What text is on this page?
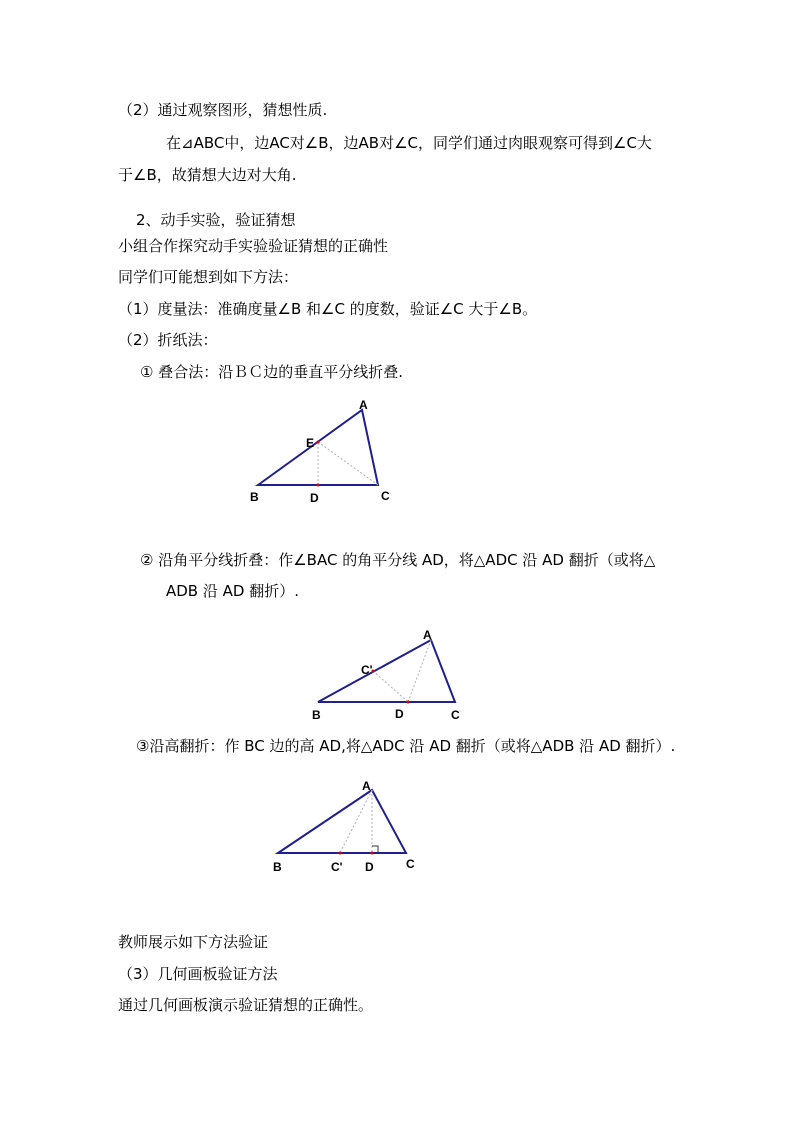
（2）通过观察图形，猜想性质.
在⊿ABC中，边AC对∠B，边AB对∠C，同学们通过肉眼观察可得到∠C大
于∠B，故猜想大边对大角.
2、动手实验，验证猜想
小组合作探究动手实验验证猜想的正确性
同学们可能想到如下方法：
（1）度量法：准确度量∠B 和∠C 的度数，验证∠C 大于∠B。
（2）折纸法：
① 叠合法：沿ＢＣ边的垂直平分线折叠.
A
E
B	D	C
② 沿角平分线折叠：作∠BAC 的角平分线 AD，将△ADC 沿 AD 翻折（或将△
ADB 沿 AD 翻折）.
A
C'
B	D	C
③沿高翻折：作 BC 边的高 AD,将△ADC 沿 AD 翻折（或将△ADB 沿 AD 翻折）.
A
B	C' D	C
教师展示如下方法验证
（3）几何画板验证方法
通过几何画板演示验证猜想的正确性。
